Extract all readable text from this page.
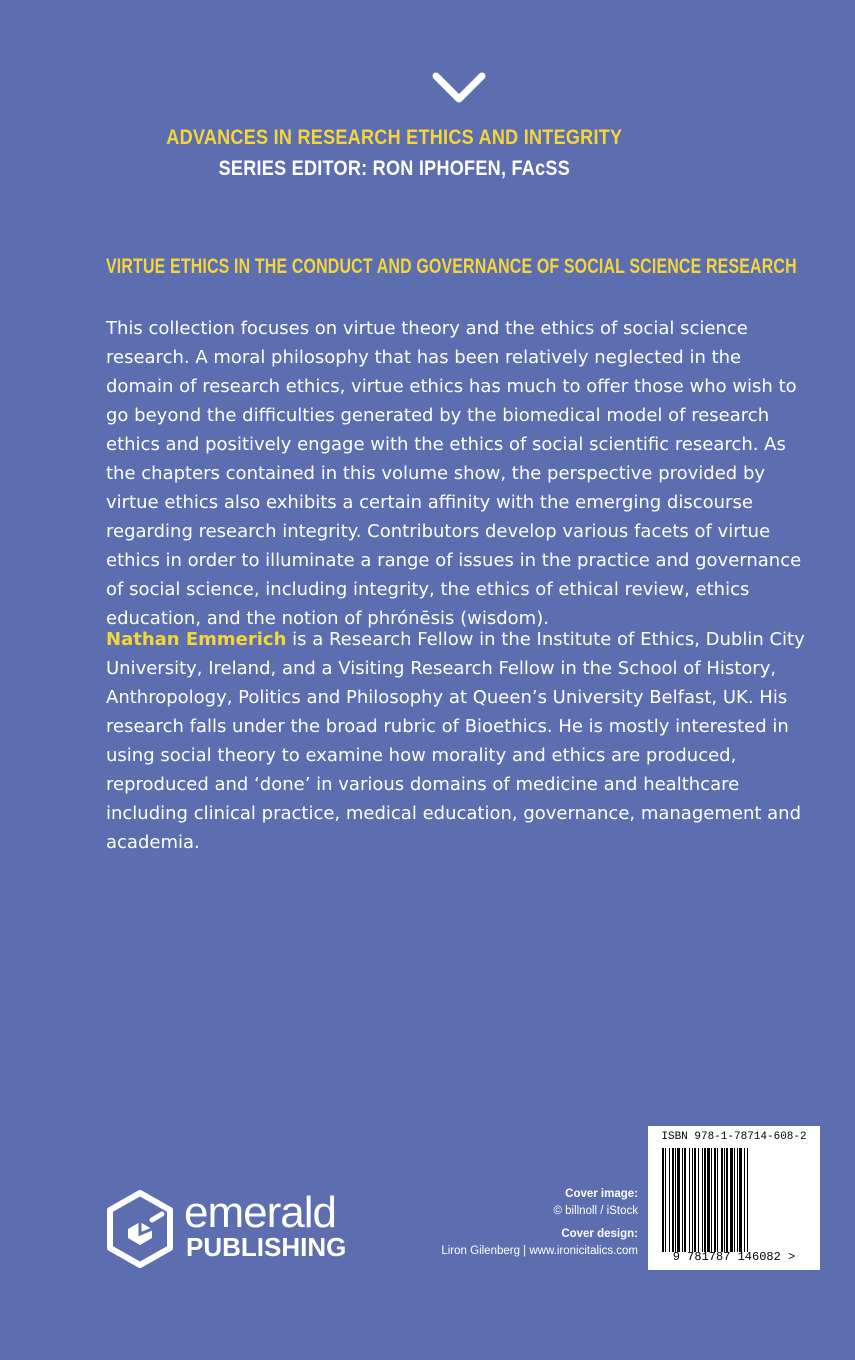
ADVANCES IN RESEARCH ETHICS AND INTEGRITY
SERIES EDITOR: RON IPHOFEN, FAcSS
VIRTUE ETHICS IN THE CONDUCT AND GOVERNANCE OF SOCIAL SCIENCE RESEARCH
This collection focuses on virtue theory and the ethics of social science research. A moral philosophy that has been relatively neglected in the domain of research ethics, virtue ethics has much to offer those who wish to go beyond the difficulties generated by the biomedical model of research ethics and positively engage with the ethics of social scientific research. As the chapters contained in this volume show, the perspective provided by virtue ethics also exhibits a certain affinity with the emerging discourse regarding research integrity. Contributors develop various facets of virtue ethics in order to illuminate a range of issues in the practice and governance of social science, including integrity, the ethics of ethical review, ethics education, and the notion of phrónēsis (wisdom).
Nathan Emmerich is a Research Fellow in the Institute of Ethics, Dublin City University, Ireland, and a Visiting Research Fellow in the School of History, Anthropology, Politics and Philosophy at Queen’s University Belfast, UK. His research falls under the broad rubric of Bioethics. He is mostly interested in using social theory to examine how morality and ethics are produced, reproduced and ‘done’ in various domains of medicine and healthcare including clinical practice, medical education, governance, management and academia.
emerald
PUBLISHING
Cover image:
© billnoll / iStock
Cover design:
Liron Gilenberg | www.ironicitalics.com
ISBN 978-1-78714-608-2
9 781787 146082 >
